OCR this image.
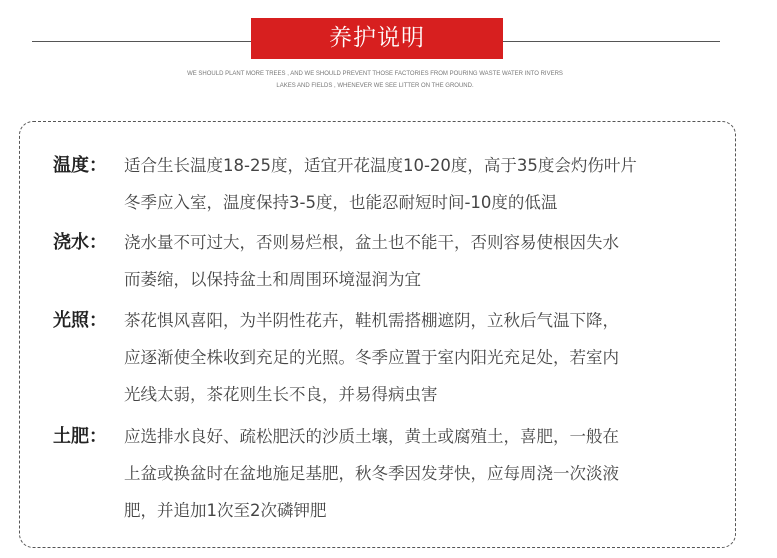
养护说明
WE SHOULD PLANT MORE TREES , AND WE SHOULD PREVENT THOSE FACTORIES FROM POURING WASTE WATER INTO RIVERS
LAKES AND FIELDS , WHENEVER WE SEE LITTER ON THE GROUND.
温度： 适合生长温度18-25度，适宜开花温度10-20度，高于35度会灼伤叶片
冬季应入室，温度保持3-5度，也能忍耐短时间-10度的低温
浇水： 浇水量不可过大，否则易烂根，盆土也不能干，否则容易使根因失水
而萎缩，以保持盆土和周围环境湿润为宜
光照： 茶花惧风喜阳，为半阴性花卉，鞋机需搭棚遮阴，立秋后气温下降，
应逐渐使全株收到充足的光照。冬季应置于室内阳光充足处，若室内
光线太弱，茶花则生长不良，并易得病虫害
土肥： 应选排水良好、疏松肥沃的沙质土壤，黄土或腐殖土，喜肥，一般在
上盆或换盆时在盆地施足基肥，秋冬季因发芽快，应每周浇一次淡液
肥，并追加1次至2次磷钾肥
